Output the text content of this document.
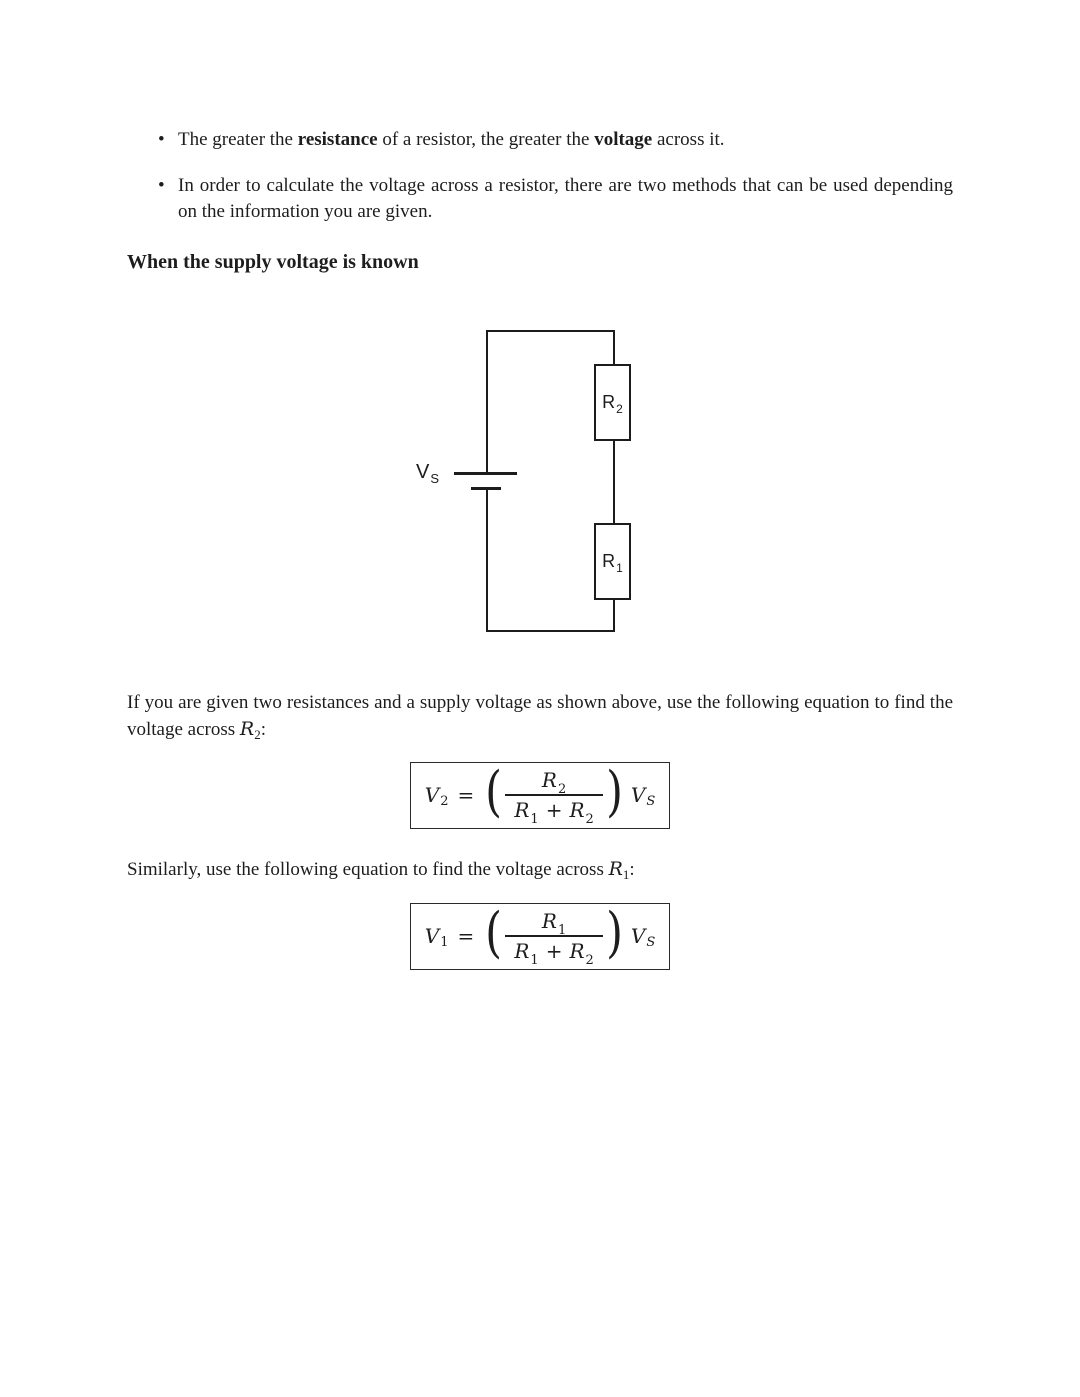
• The greater the resistance of a resistor, the greater the voltage across it.
• In order to calculate the voltage across a resistor, there are two methods that can be used depending on the information you are given.
When the supply voltage is known
$V_S$
$R_2$
$R_1$
If you are given two resistances and a supply voltage as shown above, use the following equation to find the voltage across $R_2$:
V 2 = ( $\frac{R_2}{R_1 + R_2}$ ) V S
Similarly, use the following equation to find the voltage across $R_1$:
V 1 = ( $\frac{R_1}{R_1 + R_2}$ ) V S
